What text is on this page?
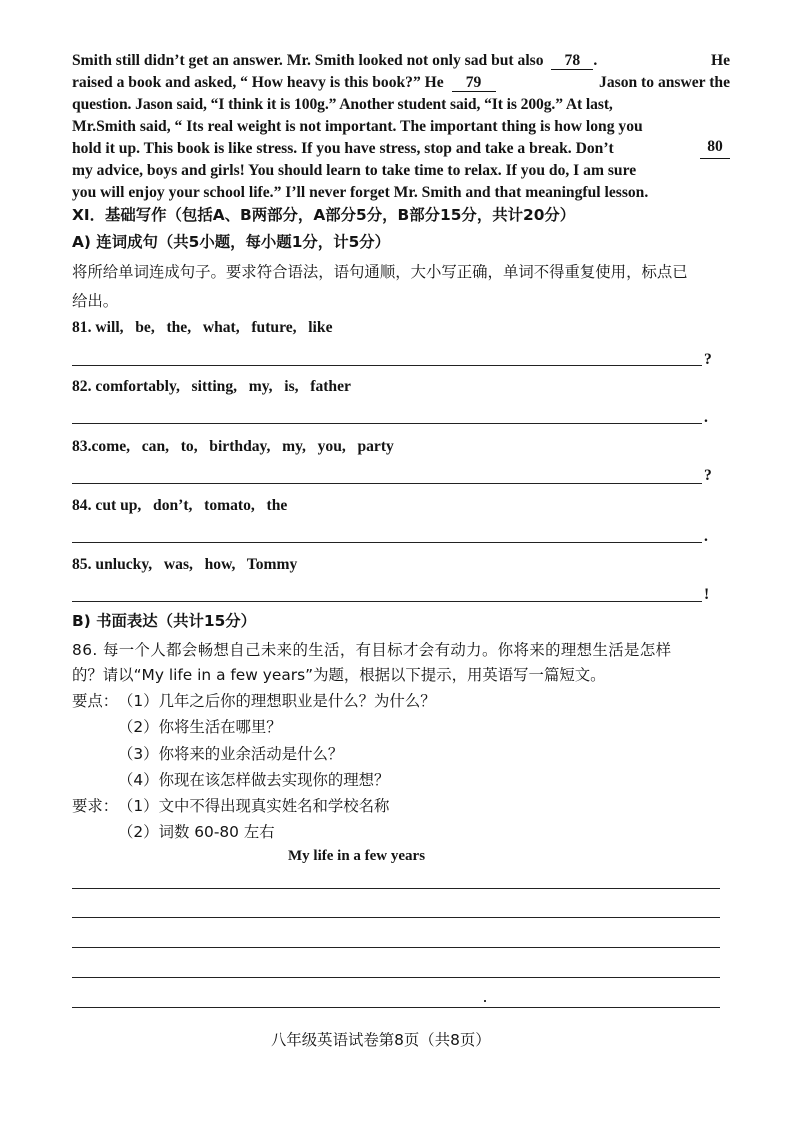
Smith still didn’t get an answer. Mr. Smith looked not only sad but also 78 .	He
raised a book and asked, “ How heavy is this book?” He 79	Jason to answer the
question. Jason said, “I think it is 100g.” Another student said, “It is 200g.” At last,
Mr.Smith said, “ Its real weight is not important. The important thing is how long you
hold it up. This book is like stress. If you have stress, stop and take a break. Don’t	80
my advice, boys and girls! You should learn to take time to relax. If you do, I am sure
you will enjoy your school life.” I’ll never forget Mr. Smith and that meaningful lesson.
XI．基础写作（包括A、B两部分，A部分5分，B部分15分，共计20分）
A) 连词成句（共5小题，每小题1分，计5分）
将所给单词连成句子。要求符合语法，语句通顺，大小写正确，单词不得重复使用，标点已
给出。
81. will,   be,   the,   what,   future,   like
?
82. comfortably,   sitting,   my,   is,   father
.
83.come,   can,   to,   birthday,   my,   you,   party
?
84. cut up,   don’t,   tomato,   the
.
85. unlucky,   was,   how,   Tommy
!
B) 书面表达（共计15分）
86. 每一个人都会畅想自己未来的生活，有目标才会有动力。你将来的理想生活是怎样
的？请以“My life in a few years”为题，根据以下提示，用英语写一篇短文。
要点： （1）几年之后你的理想职业是什么？为什么？
（2）你将生活在哪里？
（3）你将来的业余活动是什么？
（4）你现在该怎样做去实现你的理想？
要求： （1）文中不得出现真实姓名和学校名称
（2）词数 60-80 左右
My life in a few years
八年级英语试卷第8页（共8页）
